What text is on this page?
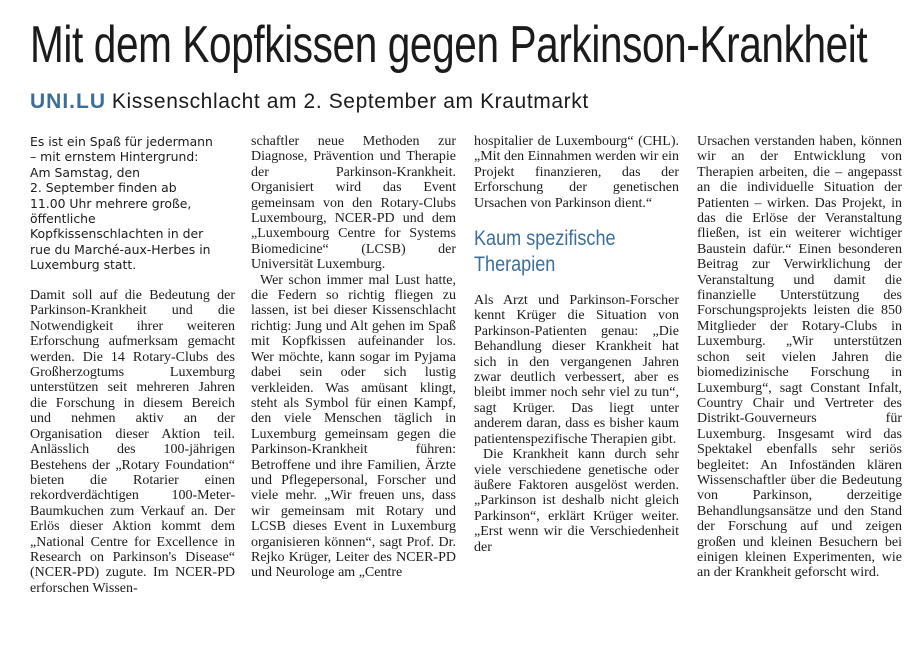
Mit dem Kopfkissen gegen Parkinson-Krankheit
UNI.LU Kissenschlacht am 2. September am Krautmarkt

Es ist ein Spaß für jedermann
– mit ernstem Hintergrund:
Am Samstag, den
2. September finden ab
11.00 Uhr mehrere große,
öffentliche
Kopfkissenschlachten in der
rue du Marché-aux-Herbes in
Luxemburg statt.

Damit soll auf die Bedeutung der Parkinson-Krankheit und die Notwendigkeit ihrer weiteren Erforschung aufmerksam gemacht werden. Die 14 Rotary-Clubs des Großherzogtums Luxemburg unterstützen seit mehreren Jahren die Forschung in diesem Bereich und nehmen aktiv an der Organisation dieser Aktion teil. Anlässlich des 100-jährigen Bestehens der „Rotary Foundation“ bieten die Rotarier einen rekordverdächtigen 100-Meter-Baumkuchen zum Verkauf an. Der Erlös dieser Aktion kommt dem „National Centre for Excellence in Research on Parkinson's Disease“ (NCER-PD) zugute. Im NCER-PD erforschen Wissen-

schaftler neue Methoden zur Diagnose, Prävention und Therapie der Parkinson-Krankheit. Organisiert wird das Event gemeinsam von den Rotary-Clubs Luxembourg, NCER-PD und dem „Luxembourg Centre for Systems Biomedicine“ (LCSB) der Universität Luxemburg.

Wer schon immer mal Lust hatte, die Federn so richtig fliegen zu lassen, ist bei dieser Kissenschlacht richtig: Jung und Alt gehen im Spaß mit Kopfkissen aufeinander los. Wer möchte, kann sogar im Pyjama dabei sein oder sich lustig verkleiden. Was amüsant klingt, steht als Symbol für einen Kampf, den viele Menschen täglich in Luxemburg gemeinsam gegen die Parkinson-Krankheit führen: Betroffene und ihre Familien, Ärzte und Pflegepersonal, Forscher und viele mehr. „Wir freuen uns, dass wir gemeinsam mit Rotary und LCSB dieses Event in Luxemburg organisieren können“, sagt Prof. Dr. Rejko Krüger, Leiter des NCER-PD und Neurologe am „Centre

hospitalier de Luxembourg“ (CHL). „Mit den Einnahmen werden wir ein Projekt finanzieren, das der Erforschung der genetischen Ursachen von Parkinson dient.“

Kaum spezifische
Therapien

Als Arzt und Parkinson-Forscher kennt Krüger die Situation von Parkinson-Patienten genau: „Die Behandlung dieser Krankheit hat sich in den vergangenen Jahren zwar deutlich verbessert, aber es bleibt immer noch sehr viel zu tun“, sagt Krüger. Das liegt unter anderem daran, dass es bisher kaum patientenspezifische Therapien gibt.

Die Krankheit kann durch sehr viele verschiedene genetische oder äußere Faktoren ausgelöst werden. „Parkinson ist deshalb nicht gleich Parkinson“, erklärt Krüger weiter. „Erst wenn wir die Verschiedenheit der

Ursachen verstanden haben, können wir an der Entwicklung von Therapien arbeiten, die – angepasst an die individuelle Situation der Patienten – wirken. Das Projekt, in das die Erlöse der Veranstaltung fließen, ist ein weiterer wichtiger Baustein dafür.“ Einen besonderen Beitrag zur Verwirklichung der Veranstaltung und damit die finanzielle Unterstützung des Forschungsprojekts leisten die 850 Mitglieder der Rotary-Clubs in Luxemburg. „Wir unterstützen schon seit vielen Jahren die biomedizinische Forschung in Luxemburg“, sagt Constant Infalt, Country Chair und Vertreter des Distrikt-Gouverneurs für Luxemburg. Insgesamt wird das Spektakel ebenfalls sehr seriös begleitet: An Infoständen klären Wissenschaftler über die Bedeutung von Parkinson, derzeitige Behandlungsansätze und den Stand der Forschung auf und zeigen großen und kleinen Besuchern bei einigen kleinen Experimenten, wie an der Krankheit geforscht wird.
